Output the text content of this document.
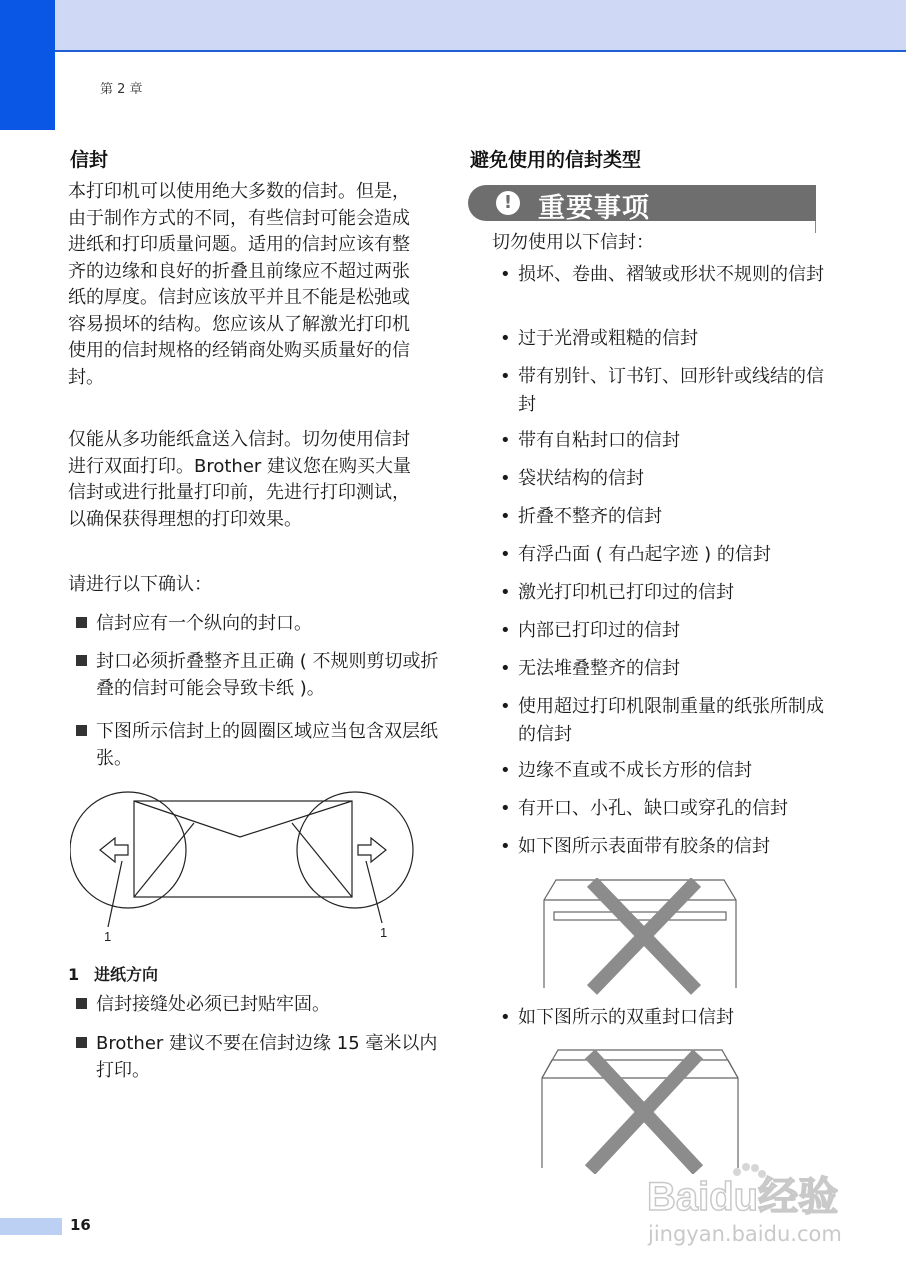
第 2 章
信封

本打印机可以使用绝大多数的信封。但是，由于制作方式的不同，有些信封可能会造成进纸和打印质量问题。适用的信封应该有整齐的边缘和良好的折叠且前缘应不超过两张纸的厚度。信封应该放平并且不能是松弛或容易损坏的结构。您应该从了解激光打印机使用的信封规格的经销商处购买质量好的信封。

仅能从多功能纸盒送入信封。切勿使用信封进行双面打印。Brother 建议您在购买大量信封或进行批量打印前，先进行打印测试，以确保获得理想的打印效果。

请进行以下确认：

信封应有一个纵向的封口。
封口必须折叠整齐且正确 ( 不规则剪切或折叠的信封可能会导致卡纸 )。
下图所示信封上的圆圈区域应当包含双层纸张。
1	1
1 进纸方向
信封接缝处必须已封贴牢固。
Brother 建议不要在信封边缘 15 毫米以内打印。
避免使用的信封类型
! 重要事项
切勿使用以下信封：
• 损坏、卷曲、褶皱或形状不规则的信封
• 过于光滑或粗糙的信封
• 带有别针、订书钉、回形针或线结的信封
• 带有自粘封口的信封
• 袋状结构的信封
• 折叠不整齐的信封
• 有浮凸面 ( 有凸起字迹 ) 的信封
• 激光打印机已打印过的信封
• 内部已打印过的信封
• 无法堆叠整齐的信封
• 使用超过打印机限制重量的纸张所制成的信封
• 边缘不直或不成长方形的信封
• 有开口、小孔、缺口或穿孔的信封
• 如下图所示表面带有胶条的信封
• 如下图所示的双重封口信封
16
Baidu经验
jingyan.baidu.com
